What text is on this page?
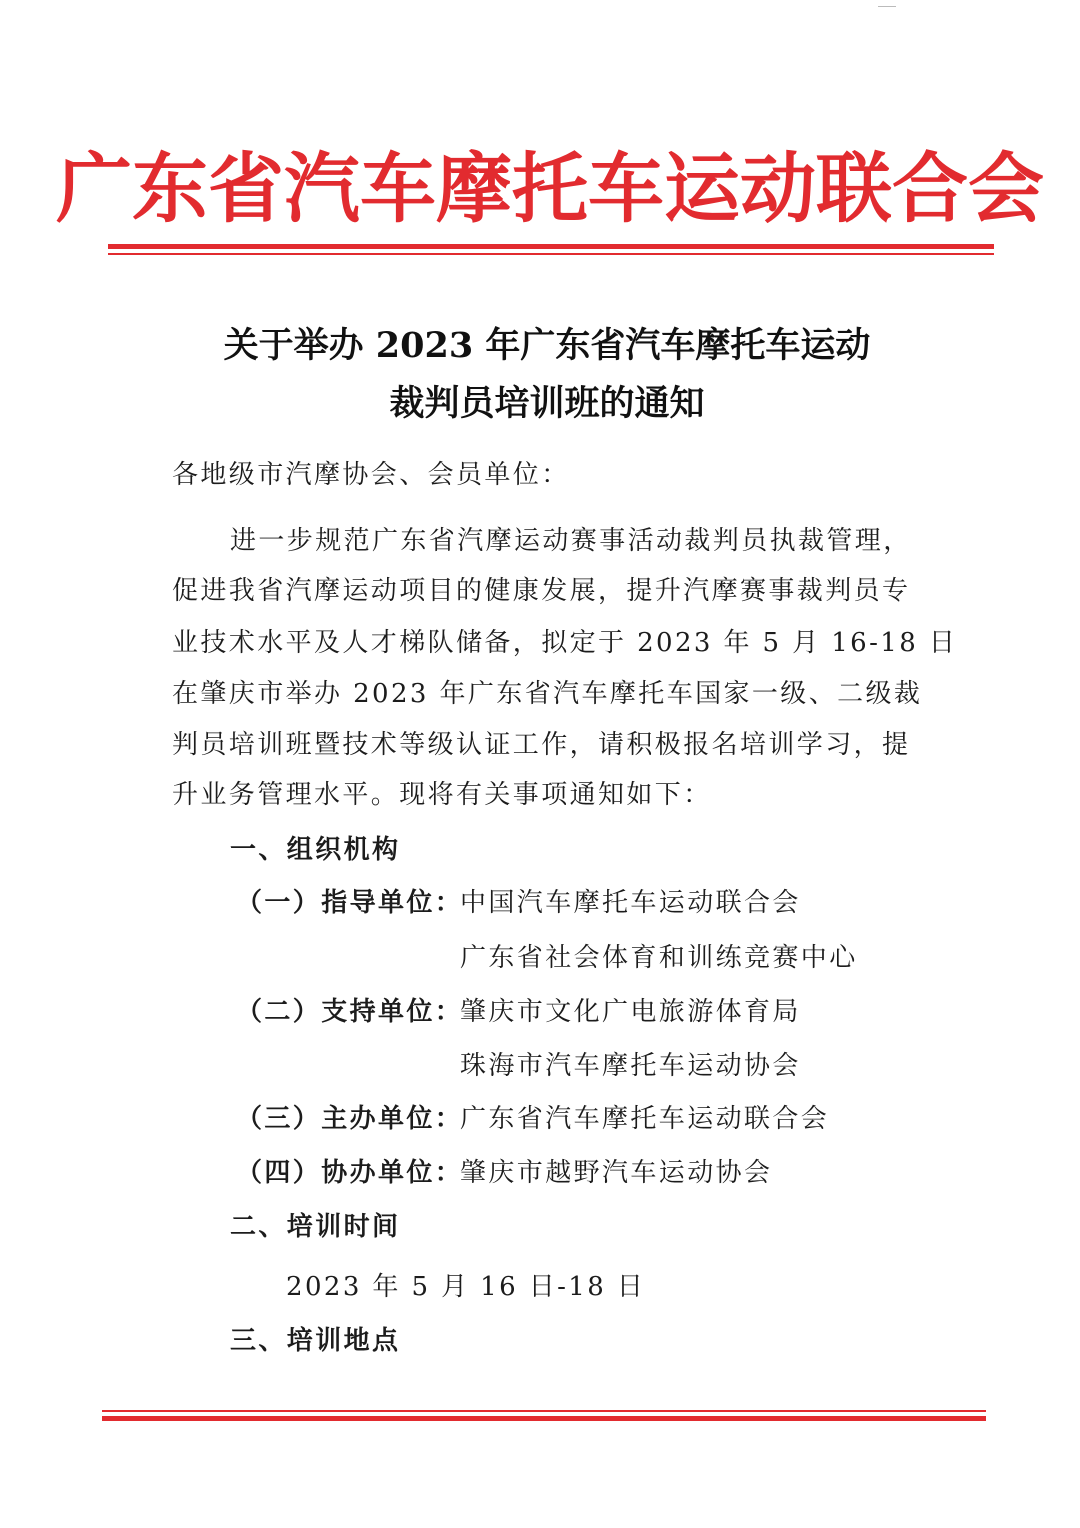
广东省汽车摩托车运动联合会
关于举办 2023 年广东省汽车摩托车运动
裁判员培训班的通知
各地级市汽摩协会、会员单位：
进一步规范广东省汽摩运动赛事活动裁判员执裁管理，
促进我省汽摩运动项目的健康发展，提升汽摩赛事裁判员专
业技术水平及人才梯队储备，拟定于 2023 年 5 月 16-18 日
在肇庆市举办 2023 年广东省汽车摩托车国家一级、二级裁
判员培训班暨技术等级认证工作，请积极报名培训学习，提
升业务管理水平。现将有关事项通知如下：
一、组织机构
（一）指导单位：
中国汽车摩托车运动联合会
广东省社会体育和训练竞赛中心
（二）支持单位：
肇庆市文化广电旅游体育局
珠海市汽车摩托车运动协会
（三）主办单位：
广东省汽车摩托车运动联合会
（四）协办单位：
肇庆市越野汽车运动协会
二、培训时间
2023 年 5 月 16 日-18 日
三、培训地点
